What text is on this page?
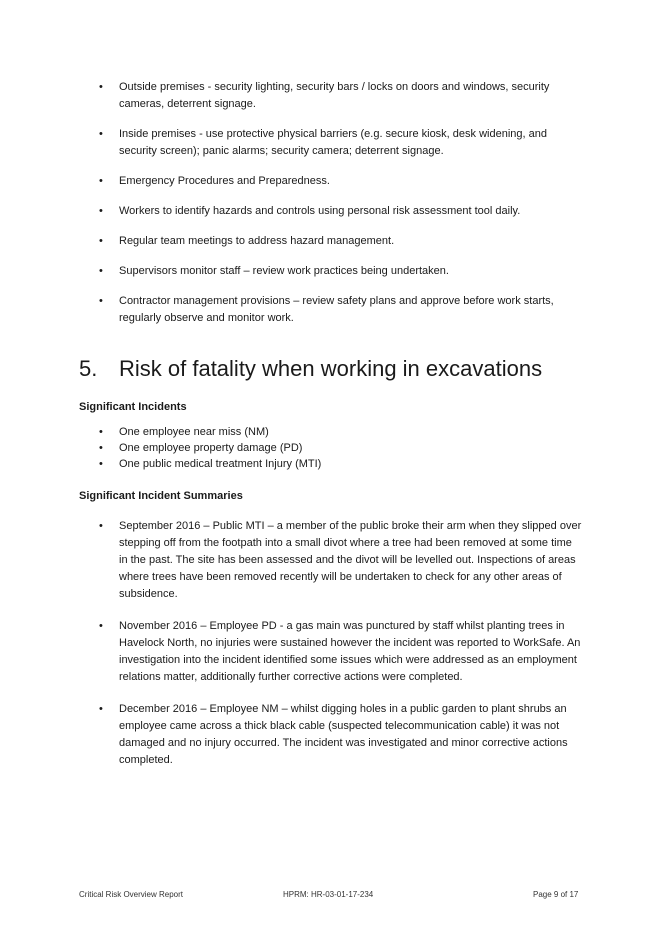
• Outside premises - security lighting, security bars / locks on doors and windows, security cameras, deterrent signage.
• Inside premises - use protective physical barriers (e.g. secure kiosk, desk widening, and security screen); panic alarms; security camera; deterrent signage.
• Emergency Procedures and Preparedness.
• Workers to identify hazards and controls using personal risk assessment tool daily.
• Regular team meetings to address hazard management.
• Supervisors monitor staff – review work practices being undertaken.
• Contractor management provisions – review safety plans and approve before work starts, regularly observe and monitor work.
5. Risk of fatality when working in excavations
Significant Incidents
• One employee near miss (NM)
• One employee property damage (PD)
• One public medical treatment Injury (MTI)
Significant Incident Summaries
• September 2016 – Public MTI – a member of the public broke their arm when they slipped over stepping off from the footpath into a small divot where a tree had been removed at some time in the past. The site has been assessed and the divot will be levelled out. Inspections of areas where trees have been removed recently will be undertaken to check for any other areas of subsidence.
• November 2016 – Employee PD - a gas main was punctured by staff whilst planting trees in Havelock North, no injuries were sustained however the incident was reported to WorkSafe. An investigation into the incident identified some issues which were addressed as an employment relations matter, additionally further corrective actions were completed.
• December 2016 – Employee NM – whilst digging holes in a public garden to plant shrubs an employee came across a thick black cable (suspected telecommunication cable) it was not damaged and no injury occurred. The incident was investigated and minor corrective actions completed.
Critical Risk Overview Report	HPRM: HR-03-01-17-234	Page 9 of 17
